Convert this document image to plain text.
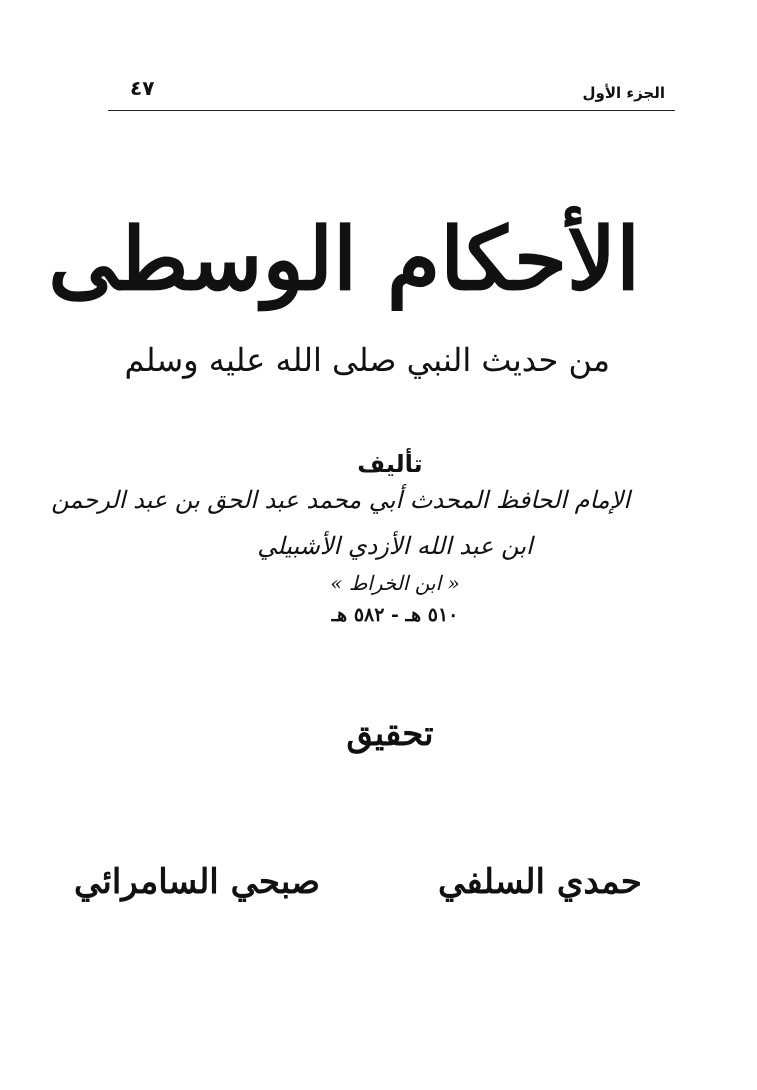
الجزء الأول
٤٧
الأحكام الوسطى
من حديث النبي صلى الله عليه وسلم
تأليف
الإمام الحافظ المحدث أبي محمد عبد الحق بن عبد الرحمن
ابن عبد الله الأزدي الأشبيلي
« ابن الخراط »
٥١٠ هـ - ٥٨٢ هـ
تحقيق
حمدي السلفي
صبحي السامرائي
